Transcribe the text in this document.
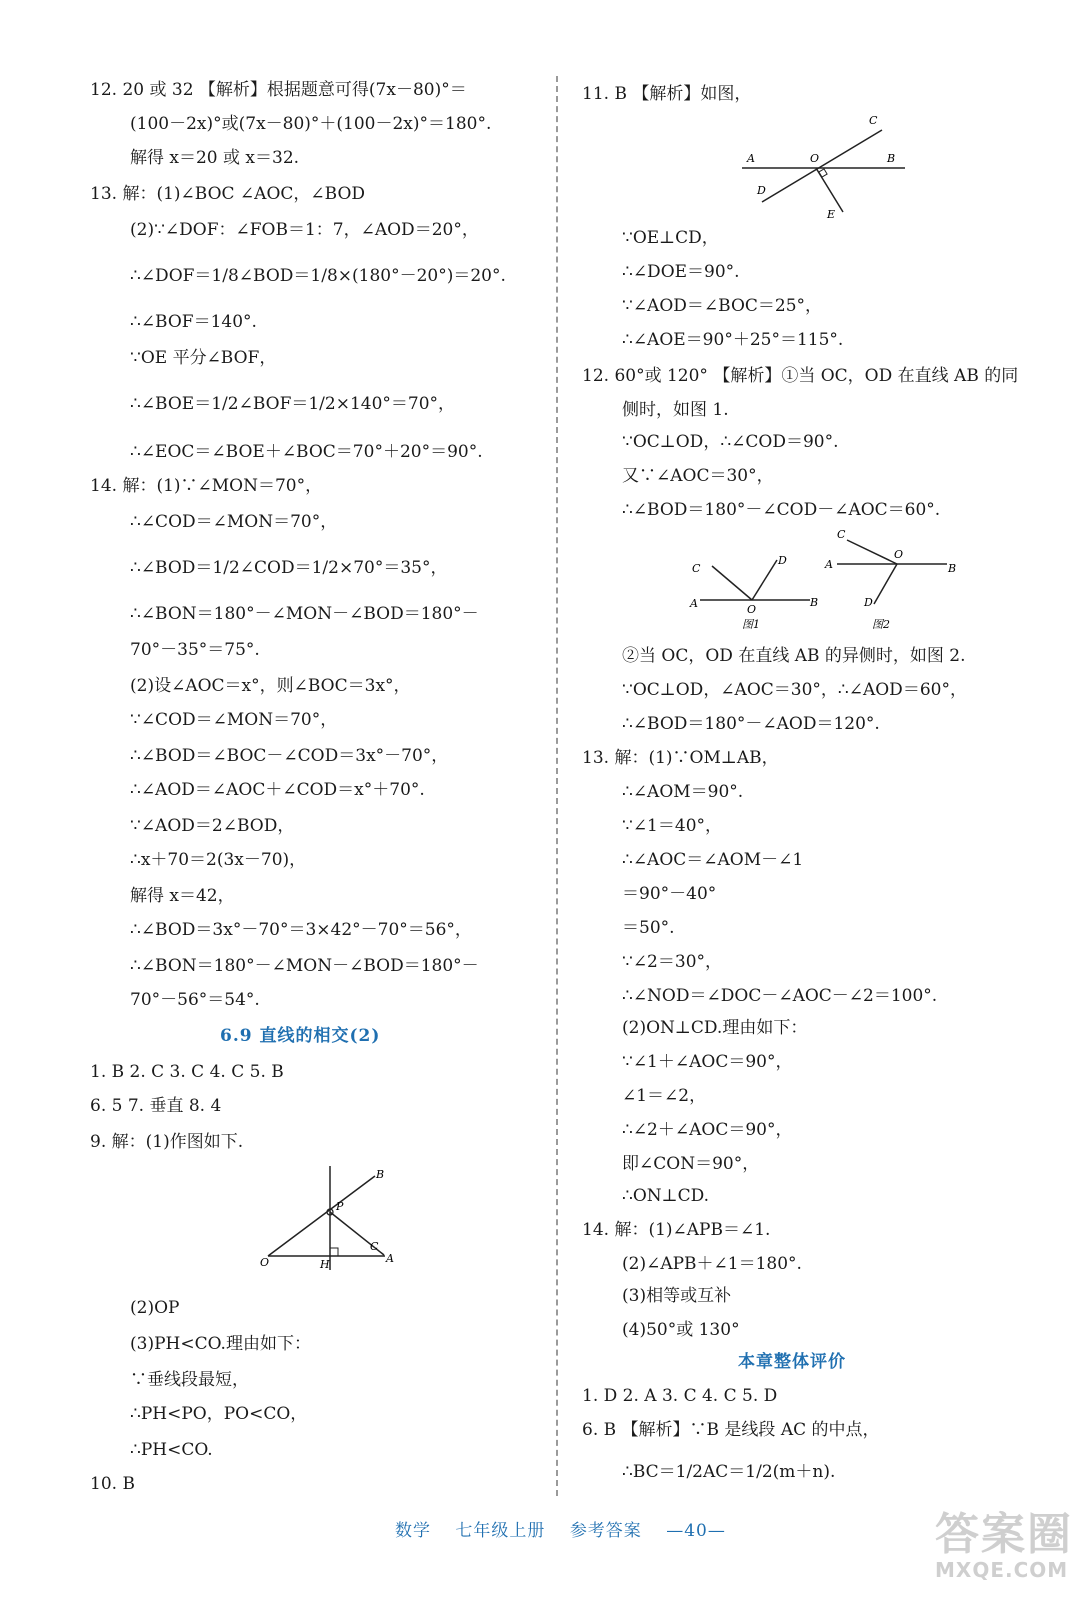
6.9 直线的相交(2)
B
P
O	H
C
A
12. 20 或 32 【解析】根据题意可得(7x－80)°＝
(100－2x)°或(7x－80)°＋(100－2x)°＝180°.
解得 x＝20 或 x＝32.
13. 解：(1)∠BOC ∠AOC，∠BOD
(2)∵∠DOF：∠FOB＝1：7，∠AOD＝20°，
∴∠DOF＝1/8∠BOD＝1/8×(180°－20°)＝20°.
∴∠BOF＝140°.
∵OE 平分∠BOF，
∴∠BOE＝1/2∠BOF＝1/2×140°＝70°，
∴∠EOC＝∠BOE＋∠BOC＝70°＋20°＝90°.
14. 解：(1)∵∠MON＝70°，
∴∠COD＝∠MON＝70°，
∴∠BOD＝1/2∠COD＝1/2×70°＝35°，
∴∠BON＝180°－∠MON－∠BOD＝180°－
70°－35°＝75°.
(2)设∠AOC＝x°，则∠BOC＝3x°，
∵∠COD＝∠MON＝70°，
∴∠BOD＝∠BOC－∠COD＝3x°－70°，
∴∠AOD＝∠AOC＋∠COD＝x°＋70°.
∵∠AOD＝2∠BOD，
∴x＋70＝2(3x－70)，
解得 x＝42，
∴∠BOD＝3x°－70°＝3×42°－70°＝56°，
∴∠BON＝180°－∠MON－∠BOD＝180°－
70°－56°＝54°.
1. B 2. C 3. C 4. C 5. B
6. 5 7. 垂直 8. 4
9. 解：(1)作图如下.
(2)OP
(3)PH<CO.理由如下：
∵垂线段最短，
∴PH<PO，PO<CO，
∴PH<CO.
10. B
A	O	B
C
D
E
C
D
A	O
B
图1
C
O
A	B
D
图2
本章整体评价
11. B 【解析】如图，
∵OE⊥CD，
∴∠DOE＝90°.
∵∠AOD＝∠BOC＝25°，
∴∠AOE＝90°＋25°＝115°.
12. 60°或 120° 【解析】①当 OC，OD 在直线 AB 的同
侧时，如图 1.
∵OC⊥OD，∴∠COD＝90°.
又∵∠AOC＝30°，
∴∠BOD＝180°－∠COD－∠AOC＝60°.
②当 OC，OD 在直线 AB 的异侧时，如图 2.
∵OC⊥OD，∠AOC＝30°，∴∠AOD＝60°，
∴∠BOD＝180°－∠AOD＝120°.
13. 解：(1)∵OM⊥AB，
∴∠AOM＝90°.
∵∠1＝40°，
∴∠AOC＝∠AOM－∠1
＝90°－40°
＝50°.
∵∠2＝30°，
∴∠NOD＝∠DOC－∠AOC－∠2＝100°.
(2)ON⊥CD.理由如下：
∵∠1＋∠AOC＝90°，
∠1＝∠2，
∴∠2＋∠AOC＝90°，
即∠CON＝90°，
∴ON⊥CD.
14. 解：(1)∠APB＝∠1.
(2)∠APB＋∠1＝180°.
(3)相等或互补
(4)50°或 130°
1. D 2. A 3. C 4. C 5. D
6. B 【解析】∵B 是线段 AC 的中点，
∴BC＝1/2AC＝1/2(m＋n).
数学 七年级上册 参考答案 —40—	答案圈
MXQE.COM
